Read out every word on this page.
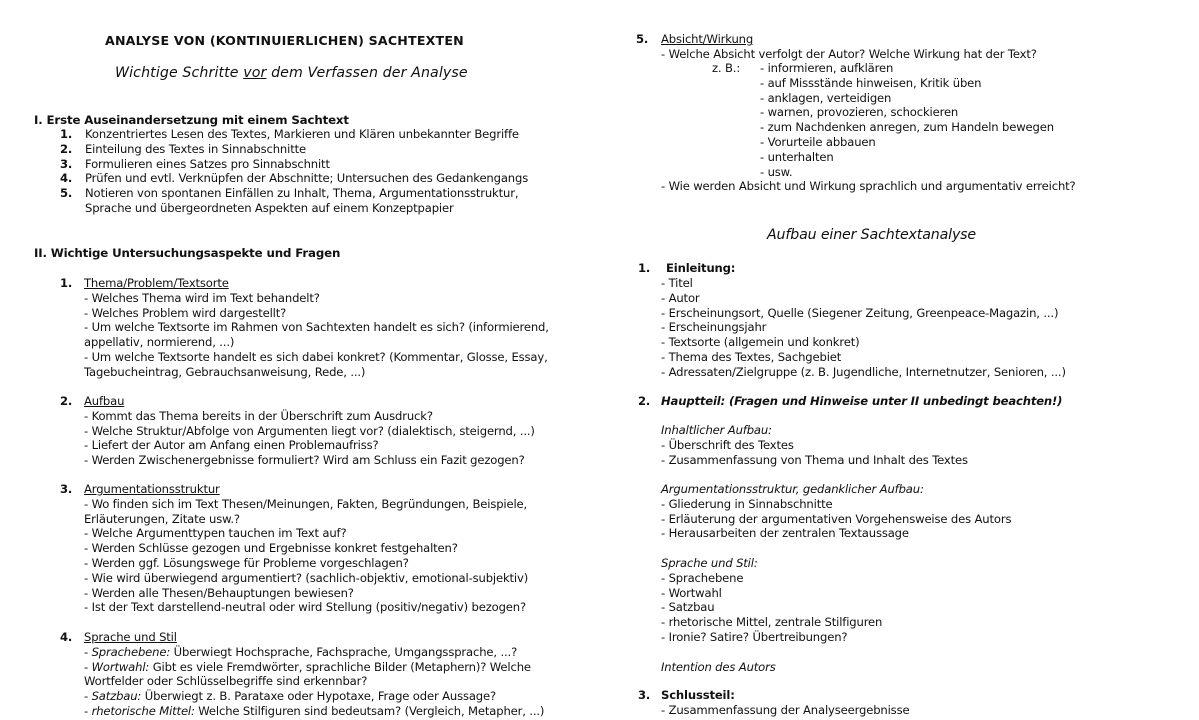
ANALYSE VON (KONTINUIERLICHEN) SACHTEXTEN
Wichtige Schritte vor dem Verfassen der Analyse
I. Erste Auseinandersetzung mit einem Sachtext
1. Konzentriertes Lesen des Textes, Markieren und Klären unbekannter Begriffe
2. Einteilung des Textes in Sinnabschnitte
3. Formulieren eines Satzes pro Sinnabschnitt
4. Prüfen und evtl. Verknüpfen der Abschnitte; Untersuchen des Gedankengangs
5. Notieren von spontanen Einfällen zu Inhalt, Thema, Argumentationsstruktur,
Sprache und übergeordneten Aspekten auf einem Konzeptpapier
II. Wichtige Untersuchungsaspekte und Fragen
1. Thema/Problem/Textsorte
- Welches Thema wird im Text behandelt?
- Welches Problem wird dargestellt?
- Um welche Textsorte im Rahmen von Sachtexten handelt es sich? (informierend,
appellativ, normierend, ...)
- Um welche Textsorte handelt es sich dabei konkret? (Kommentar, Glosse, Essay,
Tagebucheintrag, Gebrauchsanweisung, Rede, ...)
2. Aufbau
- Kommt das Thema bereits in der Überschrift zum Ausdruck?
- Welche Struktur/Abfolge von Argumenten liegt vor? (dialektisch, steigernd, ...)
- Liefert der Autor am Anfang einen Problemaufriss?
- Werden Zwischenergebnisse formuliert? Wird am Schluss ein Fazit gezogen?
3. Argumentationsstruktur
- Wo finden sich im Text Thesen/Meinungen, Fakten, Begründungen, Beispiele,
Erläuterungen, Zitate usw.?
- Welche Argumenttypen tauchen im Text auf?
- Werden Schlüsse gezogen und Ergebnisse konkret festgehalten?
- Werden ggf. Lösungswege für Probleme vorgeschlagen?
- Wie wird überwiegend argumentiert? (sachlich-objektiv, emotional-subjektiv)
- Werden alle Thesen/Behauptungen bewiesen?
- Ist der Text darstellend-neutral oder wird Stellung (positiv/negativ) bezogen?
4. Sprache und Stil
- Sprachebene: Überwiegt Hochsprache, Fachsprache, Umgangssprache, ...?
- Wortwahl: Gibt es viele Fremdwörter, sprachliche Bilder (Metaphern)? Welche
Wortfelder oder Schlüsselbegriffe sind erkennbar?
- Satzbau: Überwiegt z. B. Parataxe oder Hypotaxe, Frage oder Aussage?
- rhetorische Mittel: Welche Stilfiguren sind bedeutsam? (Vergleich, Metapher, ...)
5. Absicht/Wirkung
- Welche Absicht verfolgt der Autor? Welche Wirkung hat der Text?
z. B.: - informieren, aufklären
- auf Missstände hinweisen, Kritik üben
- anklagen, verteidigen
- warnen, provozieren, schockieren
- zum Nachdenken anregen, zum Handeln bewegen
- Vorurteile abbauen
- unterhalten
- usw.
- Wie werden Absicht und Wirkung sprachlich und argumentativ erreicht?
Aufbau einer Sachtextanalyse
1. Einleitung:
- Titel
- Autor
- Erscheinungsort, Quelle (Siegener Zeitung, Greenpeace-Magazin, ...)
- Erscheinungsjahr
- Textsorte (allgemein und konkret)
- Thema des Textes, Sachgebiet
- Adressaten/Zielgruppe (z. B. Jugendliche, Internetnutzer, Senioren, ...)
2. Hauptteil: (Fragen und Hinweise unter II unbedingt beachten!)
Inhaltlicher Aufbau:
- Überschrift des Textes
- Zusammenfassung von Thema und Inhalt des Textes
Argumentationsstruktur, gedanklicher Aufbau:
- Gliederung in Sinnabschnitte
- Erläuterung der argumentativen Vorgehensweise des Autors
- Herausarbeiten der zentralen Textaussage
Sprache und Stil:
- Sprachebene
- Wortwahl
- Satzbau
- rhetorische Mittel, zentrale Stilfiguren
- Ironie? Satire? Übertreibungen?
Intention des Autors
3. Schlussteil:
- Zusammenfassung der Analyseergebnisse
